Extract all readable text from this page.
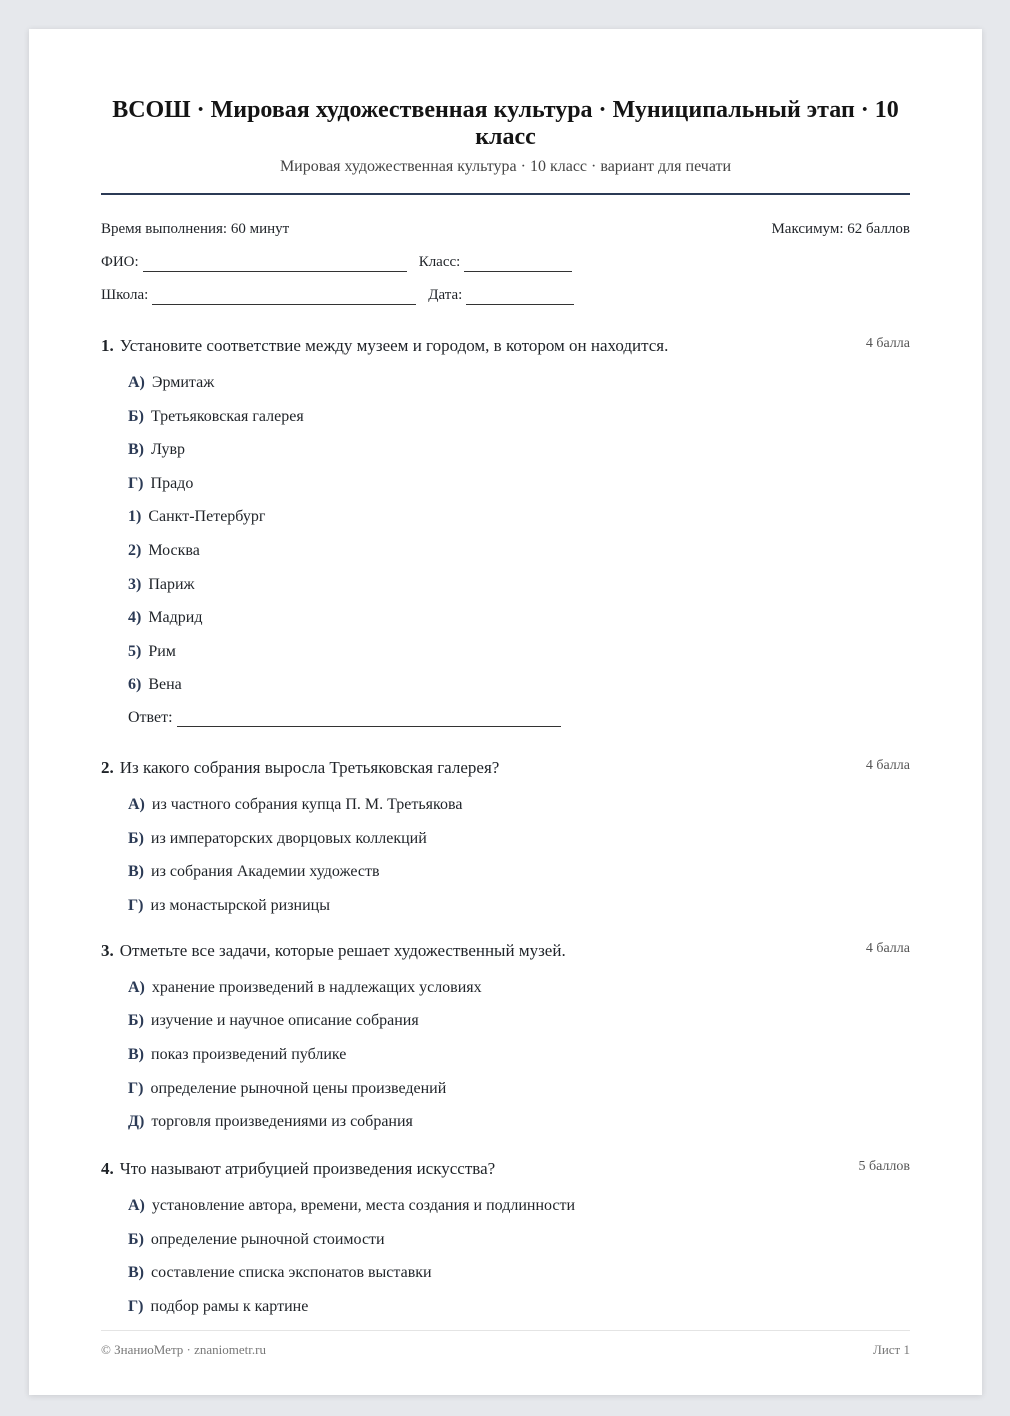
ВСОШ · Мировая художественная культура · Муниципальный этап · 10 класс
Мировая художественная культура · 10 класс · вариант для печати
Время выполнения: 60 минут	Максимум: 62 баллов
ФИО:	Класс:
Школа:	Дата:
1. Установите соответствие между музеем и городом, в котором он находится.	4 балла
А) Эрмитаж
Б) Третьяковская галерея
В) Лувр
Г) Прадо
1) Санкт-Петербург
2) Москва
3) Париж
4) Мадрид
5) Рим
6) Вена
Ответ:
2. Из какого собрания выросла Третьяковская галерея?	4 балла
А) из частного собрания купца П. М. Третьякова
Б) из императорских дворцовых коллекций
В) из собрания Академии художеств
Г) из монастырской ризницы
3. Отметьте все задачи, которые решает художественный музей.	4 балла
А) хранение произведений в надлежащих условиях
Б) изучение и научное описание собрания
В) показ произведений публике
Г) определение рыночной цены произведений
Д) торговля произведениями из собрания
4. Что называют атрибуцией произведения искусства?	5 баллов
А) установление автора, времени, места создания и подлинности
Б) определение рыночной стоимости
В) составление списка экспонатов выставки
Г) подбор рамы к картине
© ЗнаниоМетр · znaniometr.ru	Лист 1
